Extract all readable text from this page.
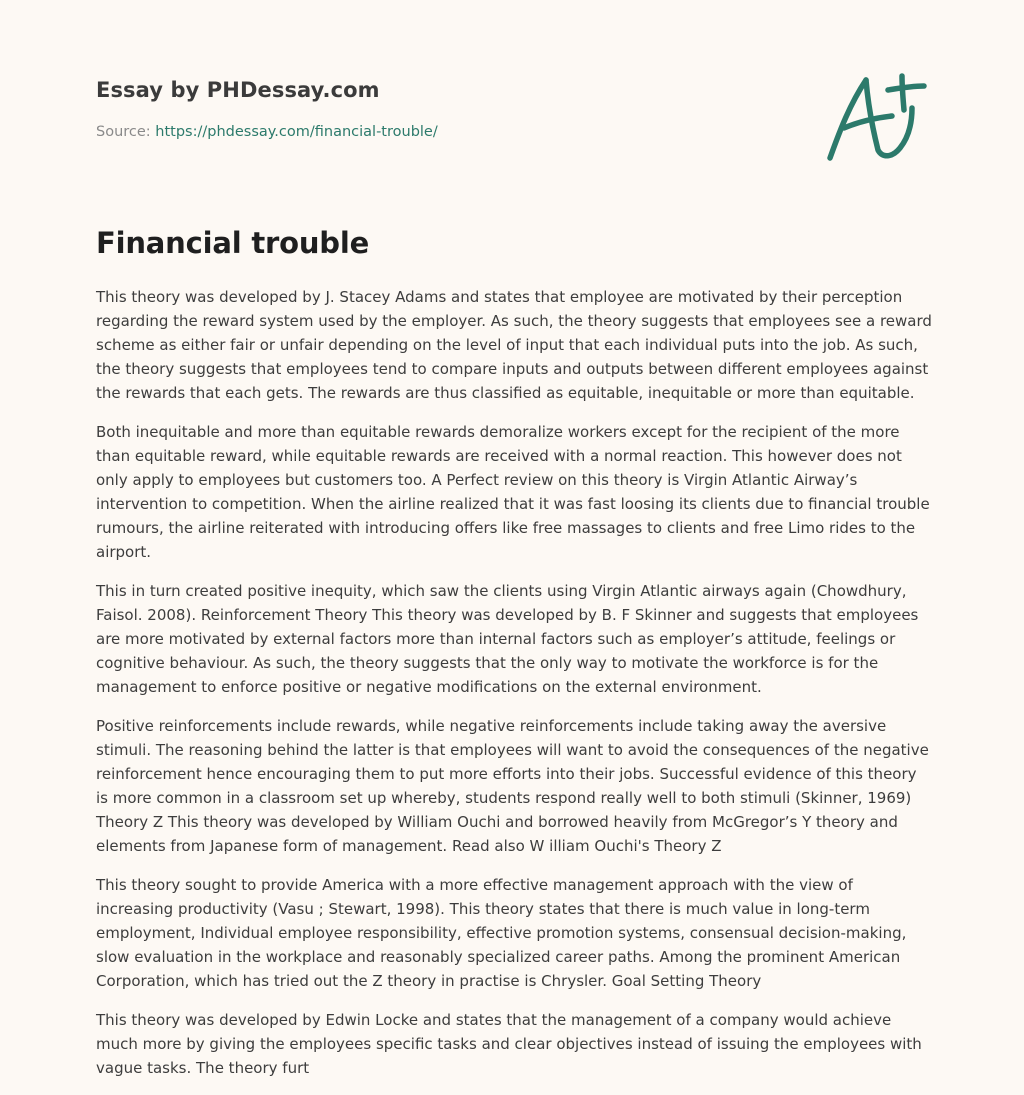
Essay by PHDessay.com
Source: https://phdessay.com/financial-trouble/
Financial trouble

This theory was developed by J. Stacey Adams and states that employee are motivated by their perception regarding the reward system used by the employer. As such, the theory suggests that employees see a reward scheme as either fair or unfair depending on the level of input that each individual puts into the job. As such, the theory suggests that employees tend to compare inputs and outputs between different employees against the rewards that each gets. The rewards are thus classified as equitable, inequitable or more than equitable.

Both inequitable and more than equitable rewards demoralize workers except for the recipient of the more than equitable reward, while equitable rewards are received with a normal reaction. This however does not only apply to employees but customers too. A Perfect review on this theory is Virgin Atlantic Airway’s intervention to competition. When the airline realized that it was fast loosing its clients due to financial trouble rumours, the airline reiterated with introducing offers like free massages to clients and free Limo rides to the airport.

This in turn created positive inequity, which saw the clients using Virgin Atlantic airways again (Chowdhury, Faisol. 2008). Reinforcement Theory This theory was developed by B. F Skinner and suggests that employees are more motivated by external factors more than internal factors such as employer’s attitude, feelings or cognitive behaviour. As such, the theory suggests that the only way to motivate the workforce is for the management to enforce positive or negative modifications on the external environment.

Positive reinforcements include rewards, while negative reinforcements include taking away the aversive stimuli. The reasoning behind the latter is that employees will want to avoid the consequences of the negative reinforcement hence encouraging them to put more efforts into their jobs. Successful evidence of this theory is more common in a classroom set up whereby, students respond really well to both stimuli (Skinner, 1969) Theory Z This theory was developed by William Ouchi and borrowed heavily from McGregor’s Y theory and elements from Japanese form of management. Read also W illiam Ouchi's Theory Z

This theory sought to provide America with a more effective management approach with the view of increasing productivity (Vasu ; Stewart, 1998). This theory states that there is much value in long-term employment, Individual employee responsibility, effective promotion systems, consensual decision-making, slow evaluation in the workplace and reasonably specialized career paths. Among the prominent American Corporation, which has tried out the Z theory in practise is Chrysler. Goal Setting Theory

This theory was developed by Edwin Locke and states that the management of a company would achieve much more by giving the employees specific tasks and clear objectives instead of issuing the employees with vague tasks. The theory furt
